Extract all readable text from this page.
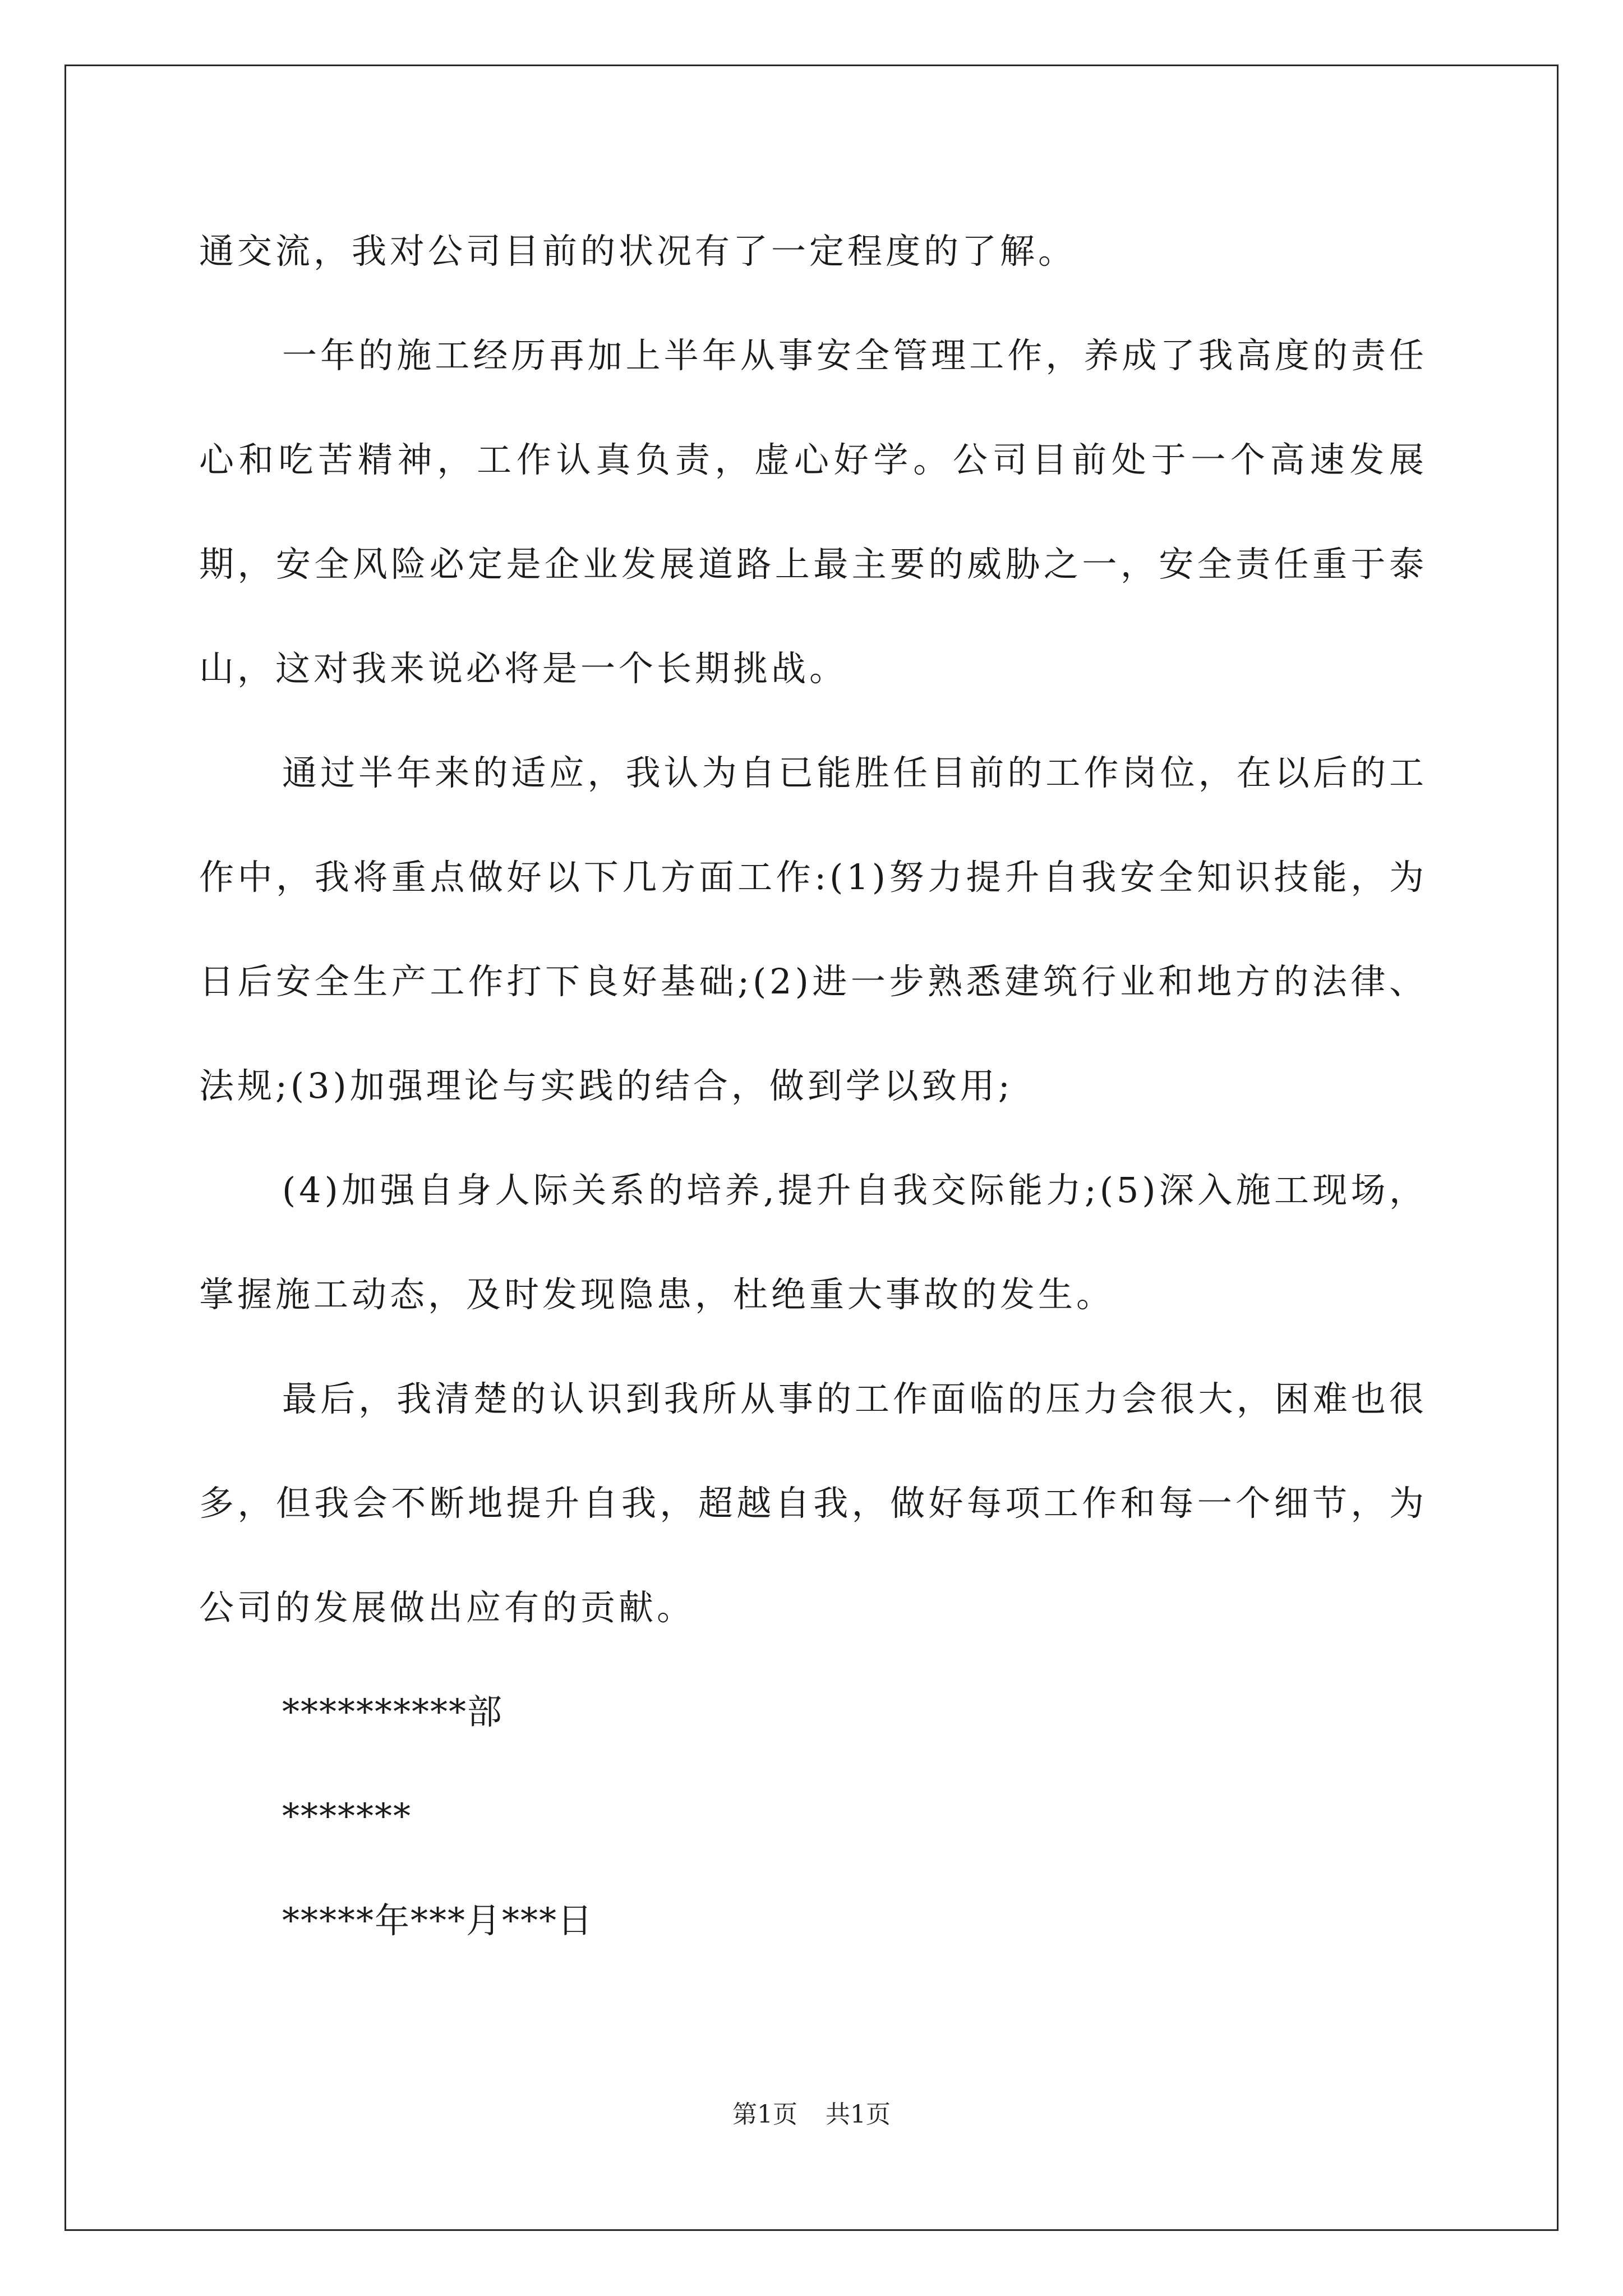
通交流，我对公司目前的状况有了一定程度的了解。

一年的施工经历再加上半年从事安全管理工作，养成了我高度的责任心和吃苦精神，工作认真负责，虚心好学。公司目前处于一个高速发展期，安全风险必定是企业发展道路上最主要的威胁之一，安全责任重于泰山，这对我来说必将是一个长期挑战。

通过半年来的适应，我认为自已能胜任目前的工作岗位，在以后的工作中，我将重点做好以下几方面工作:(1)努力提升自我安全知识技能，为日后安全生产工作打下良好基础;(2)进一步熟悉建筑行业和地方的法律、法规;(3)加强理论与实践的结合，做到学以致用;

(4)加强自身人际关系的培养,提升自我交际能力;(5)深入施工现场，掌握施工动态，及时发现隐患，杜绝重大事故的发生。

最后，我清楚的认识到我所从事的工作面临的压力会很大，困难也很多，但我会不断地提升自我，超越自我，做好每项工作和每一个细节，为公司的发展做出应有的贡献。

**********部

*******

*****年***月***日

第1页 共1页
